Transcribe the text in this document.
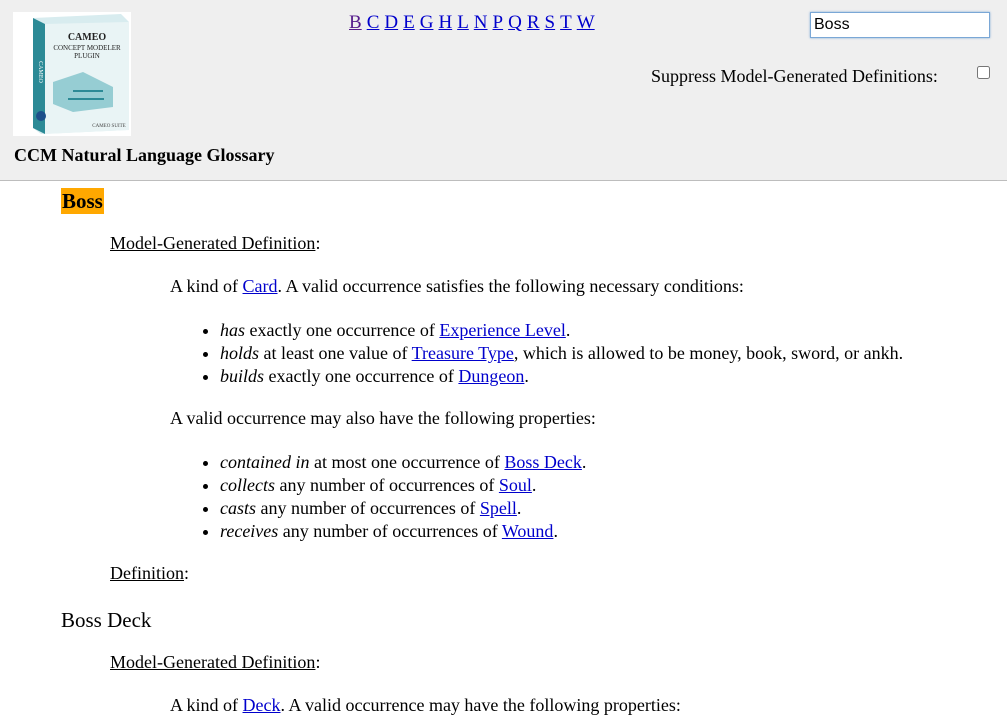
CAMEO
CONCEPT MODELER
PLUGIN
CAMEO
CAMEO SUITE
CCM Natural Language Glossary
B C D E G H L N P Q R S T W
Boss
Suppress Model-Generated Definitions:
Boss
Model-Generated Definition:
A kind of Card. A valid occurrence satisfies the following necessary conditions:
• has exactly one occurrence of Experience Level.
• holds at least one value of Treasure Type, which is allowed to be money, book, sword, or ankh.
• builds exactly one occurrence of Dungeon.
A valid occurrence may also have the following properties:
• contained in at most one occurrence of Boss Deck.
• collects any number of occurrences of Soul.
• casts any number of occurrences of Spell.
• receives any number of occurrences of Wound.
Definition:
Boss Deck
Model-Generated Definition:
A kind of Deck. A valid occurrence may have the following properties:
